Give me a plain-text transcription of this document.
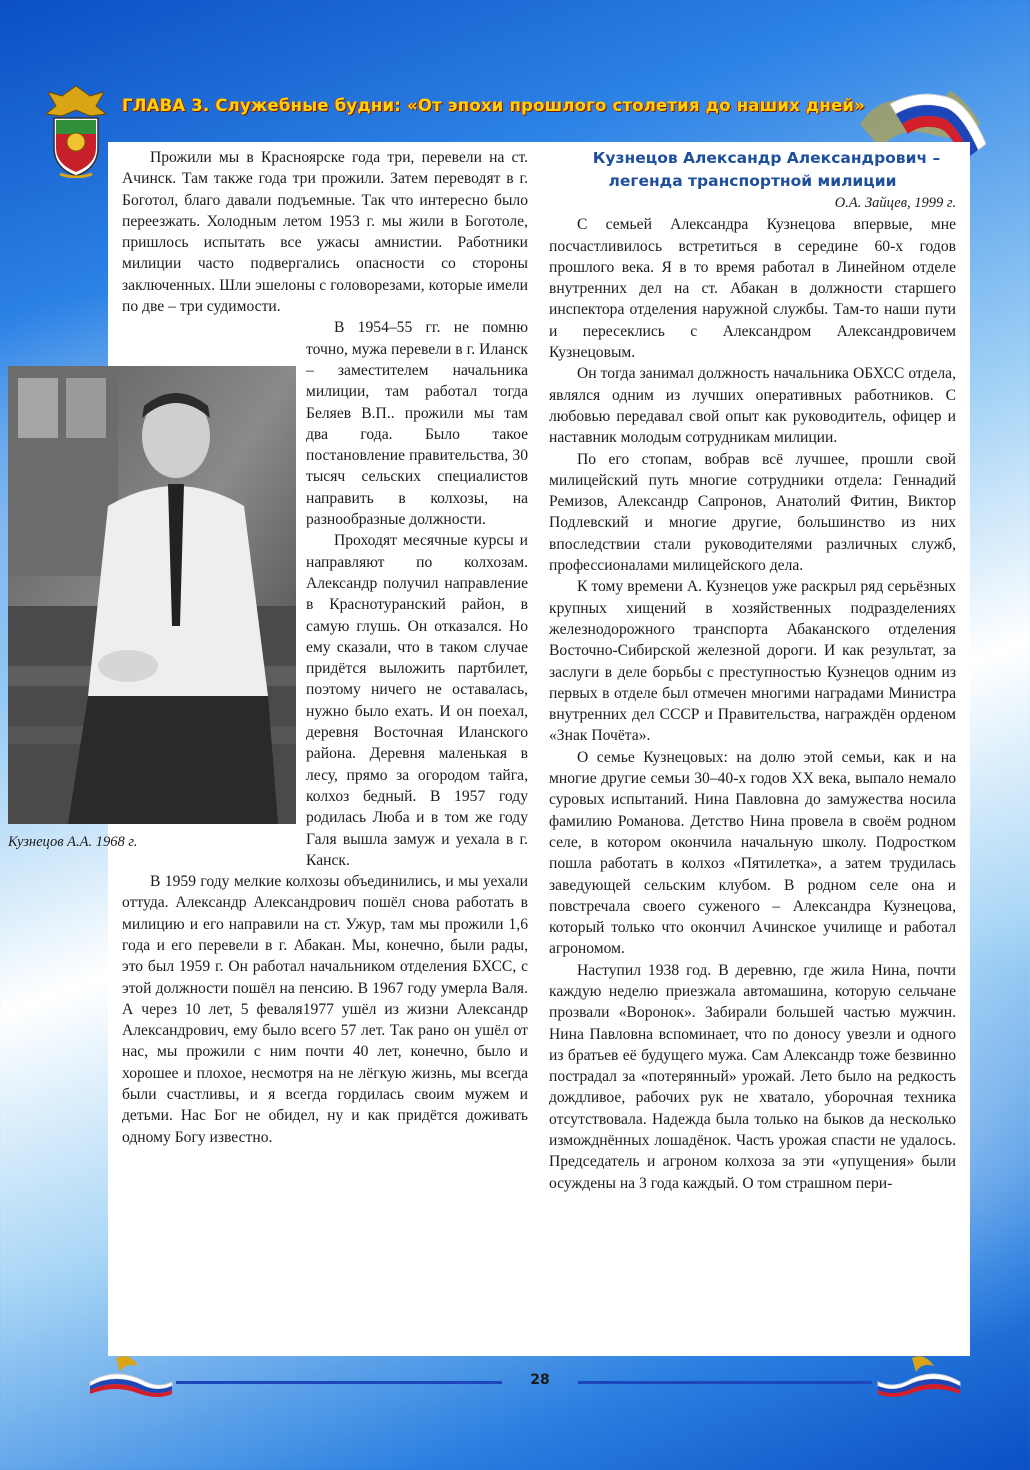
ГЛАВА 3. Служебные будни: «От эпохи прошлого столетия до наших дней»

Прожили мы в Красноярске года три, перевели на ст. Ачинск. Там также года три прожили. Затем переводят в г. Боготол, благо давали подъемные. Так что интересно было переезжать. Холодным летом 1953 г. мы жили в Боготоле, пришлось испытать все ужасы амнистии. Работники милиции часто подвергались опасности со стороны заключенных. Шли эшелоны с головорезами, которые имели по две – три судимости.

Кузнецов А.А. 1968 г.

В 1954–55 гг. не помню точно, мужа перевели в г. Иланск – заместителем начальника милиции, там работал тогда Беляев В.П.. прожили мы там два года. Было такое постановление правительства, 30 тысяч сельских специалистов направить в колхозы, на разнообразные должности.

Проходят месячные курсы и направляют по колхозам. Александр получил направление в Краснотуранский район, в самую глушь. Он отказался. Но ему сказали, что в таком случае придётся выложить партбилет, поэтому ничего не оставалась, нужно было ехать. И он поехал, деревня Восточная Иланского района. Деревня маленькая в лесу, прямо за огородом тайга, колхоз бедный. В 1957 году родилась Люба и в том же году Галя вышла замуж и уехала в г. Канск.

В 1959 году мелкие колхозы объединились, и мы уехали оттуда. Александр Александрович пошёл снова работать в милицию и его направили на ст. Ужур, там мы прожили 1,6 года и его перевели в г. Абакан. Мы, конечно, были рады, это был 1959 г. Он работал начальником отделения БХСС, с этой должности пошёл на пенсию. В 1967 году умерла Валя. А через 10 лет, 5 феваля1977 ушёл из жизни Александр Александрович, ему было всего 57 лет. Так рано он ушёл от нас, мы прожили с ним почти 40 лет, конечно, было и хорошее и плохое, несмотря на не лёгкую жизнь, мы всегда были счастливы, и я всегда гордилась своим мужем и детьми. Нас Бог не обидел, ну и как придётся доживать одному Богу известно.

Кузнецов Александр Александрович – легенда транспортной милиции

О.А. Зайцев, 1999 г.

С семьей Александра Кузнецова впервые, мне посчастливилось встретиться в середине 60-х годов прошлого века. Я в то время работал в Линейном отделе внутренних дел на ст. Абакан в должности старшего инспектора отделения наружной службы. Там-то наши пути и пересеклись с Александром Александровичем Кузнецовым.

Он тогда занимал должность начальника ОБХСС отдела, являлся одним из лучших оперативных работников. С любовью передавал свой опыт как руководитель, офицер и наставник молодым сотрудникам милиции.

По его стопам, вобрав всё лучшее, прошли свой милицейский путь многие сотрудники отдела: Геннадий Ремизов, Александр Сапронов, Анатолий Фитин, Виктор Подлевский и многие другие, большинство из них впоследствии стали руководителями различных служб, профессионалами милицейского дела.

К тому времени А. Кузнецов уже раскрыл ряд серьёзных крупных хищений в хозяйственных подразделениях железнодорожного транспорта Абаканского отделения Восточно-Сибирской железной дороги. И как результат, за заслуги в деле борьбы с преступностью Кузнецов одним из первых в отделе был отмечен многими наградами Министра внутренних дел СССР и Правительства, награждён орденом «Знак Почёта».

О семье Кузнецовых: на долю этой семьи, как и на многие другие семьи 30–40-х годов XX века, выпало немало суровых испытаний. Нина Павловна до замужества носила фамилию Романова. Детство Нина провела в своём родном селе, в котором окончила начальную школу. Подростком пошла работать в колхоз «Пятилетка», а затем трудилась заведующей сельским клубом. В родном селе она и повстречала своего суженого – Александра Кузнецова, который только что окончил Ачинское училище и работал агрономом.

Наступил 1938 год. В деревню, где жила Нина, почти каждую неделю приезжала автомашина, которую сельчане прозвали «Воронок». Забирали большей частью мужчин. Нина Павловна вспоминает, что по доносу увезли и одного из братьев её будущего мужа. Сам Александр тоже безвинно пострадал за «потерянный» урожай. Лето было на редкость дождливое, рабочих рук не хватало, уборочная техника отсутствовала. Надежда была только на быков да несколько изможднённых лошадёнок. Часть урожая спасти не удалось. Председатель и агроном колхоза за эти «упущения» были осуждены на 3 года каждый. О том страшном пери-

28
